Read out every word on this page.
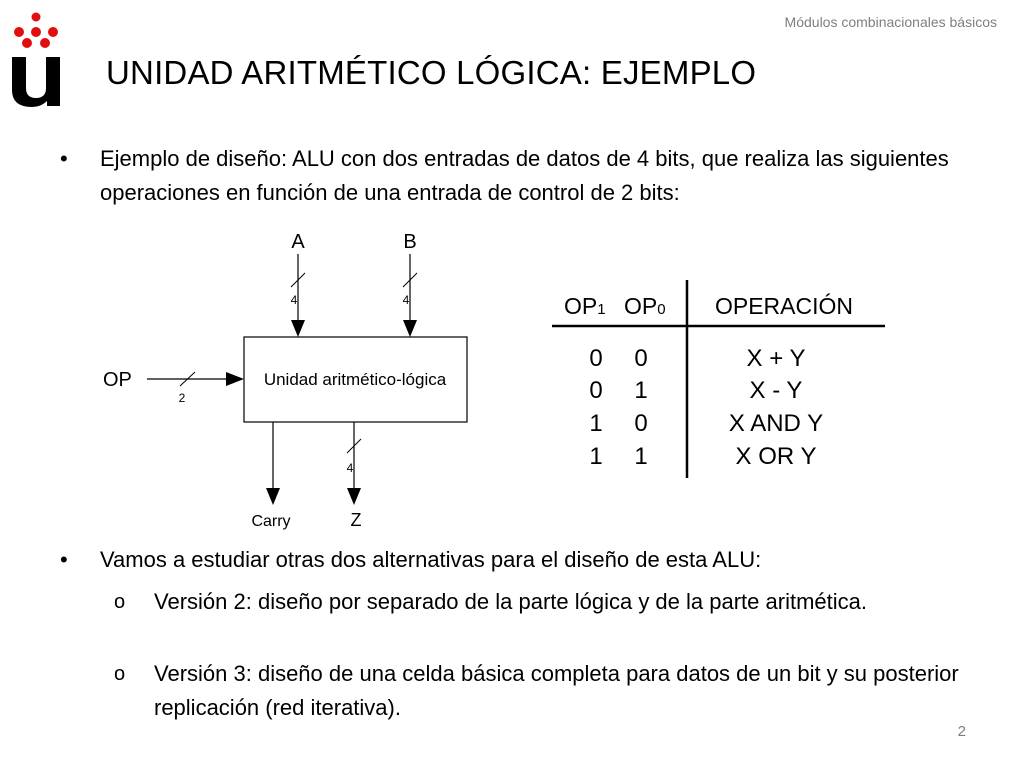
Módulos combinacionales básicos
UNIDAD ARITMÉTICO LÓGICA: EJEMPLO
• Ejemplo de diseño: ALU con dos entradas de datos de 4 bits, que realiza las siguientes operaciones en función de una entrada de control de 2 bits:
Unidad aritmético-lógica
A
4
B
4
OP
2
Carry
4
Z
OP1 OP0 OPERACIÓN
0 0	X + Y
0 1	X - Y
1 0	X AND Y
1 1	X OR Y
• Vamos a estudiar otras dos alternativas para el diseño de esta ALU:
o Versión 2: diseño por separado de la parte lógica y de la parte aritmética.
o Versión 3: diseño de una celda básica completa para datos de un bit y su posterior replicación (red iterativa).
2
